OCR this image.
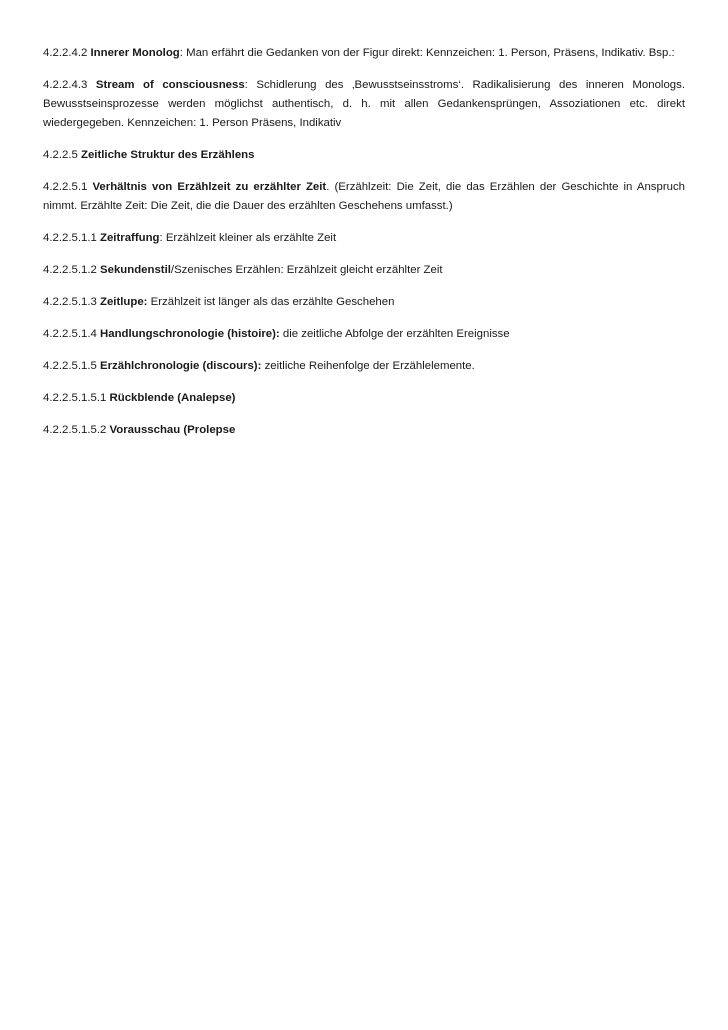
4.2.2.4.2 Innerer Monolog: Man erfährt die Gedanken von der Figur direkt: Kennzeichen: 1. Person, Präsens, Indikativ. Bsp.:

4.2.2.4.3 Stream of consciousness: Schidlerung des ‚Bewusstseinsstroms‘. Radikalisierung des inneren Monologs. Bewusstseinsprozesse werden möglichst authentisch, d. h. mit allen Gedankensprüngen, Assoziationen etc. direkt wiedergegeben. Kennzeichen: 1. Person Präsens, Indikativ

4.2.2.5 Zeitliche Struktur des Erzählens

4.2.2.5.1 Verhältnis von Erzählzeit zu erzählter Zeit. (Erzählzeit: Die Zeit, die das Erzählen der Geschichte in Anspruch nimmt. Erzählte Zeit: Die Zeit, die die Dauer des erzählten Geschehens umfasst.)

4.2.2.5.1.1 Zeitraffung: Erzählzeit kleiner als erzählte Zeit

4.2.2.5.1.2 Sekundenstil/Szenisches Erzählen: Erzählzeit gleicht erzählter Zeit

4.2.2.5.1.3 Zeitlupe: Erzählzeit ist länger als das erzählte Geschehen

4.2.2.5.1.4 Handlungschronologie (histoire): die zeitliche Abfolge der erzählten Ereignisse

4.2.2.5.1.5 Erzählchronologie (discours): zeitliche Reihenfolge der Erzählelemente.

4.2.2.5.1.5.1 Rückblende (Analepse)

4.2.2.5.1.5.2 Vorausschau (Prolepse
